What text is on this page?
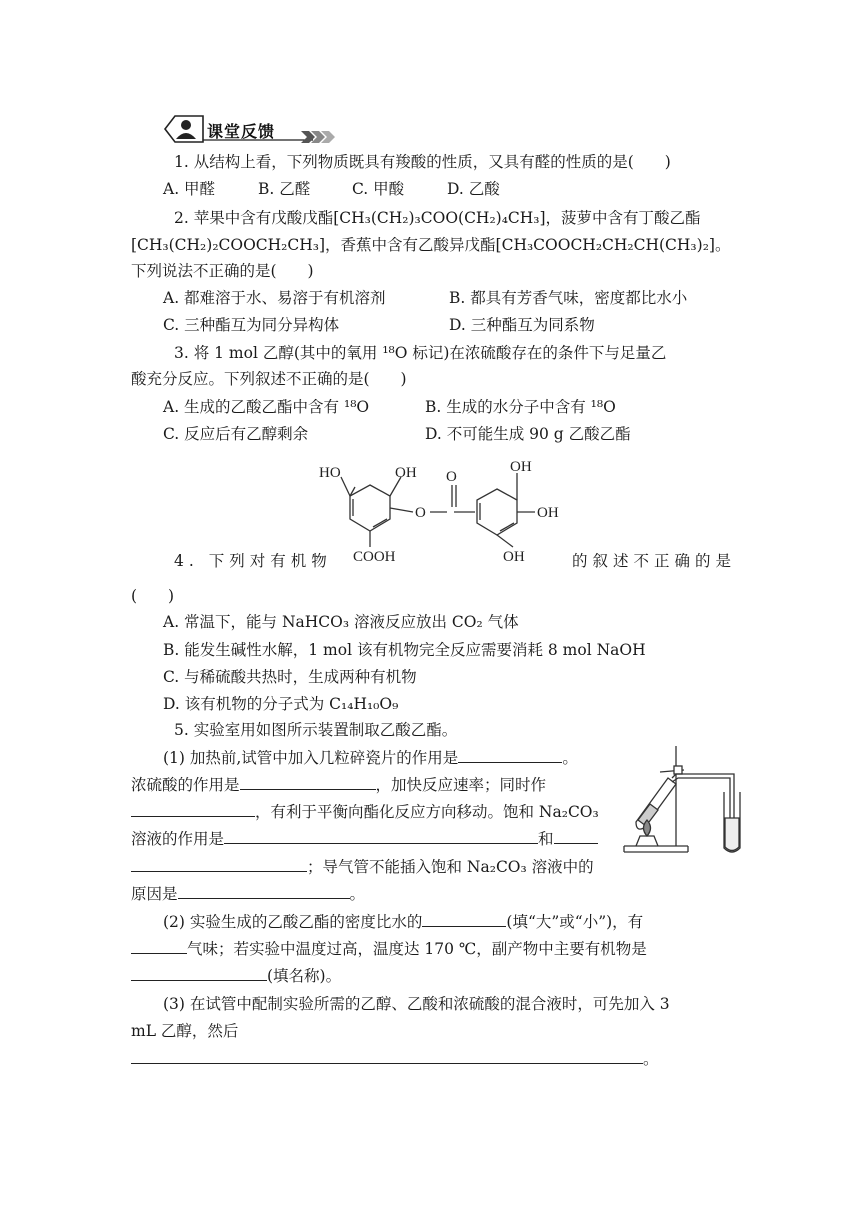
课堂反馈
1. 从结构上看，下列物质既具有羧酸的性质，又具有醛的性质的是(　　)
A. 甲醛	B. 乙醛	C. 甲酸	D. 乙酸
2. 苹果中含有戊酸戊酯[CH₃(CH₂)₃COO(CH₂)₄CH₃]，菠萝中含有丁酸乙酯
[CH₃(CH₂)₂COOCH₂CH₃]，香蕉中含有乙酸异戊酯[CH₃COOCH₂CH₂CH(CH₃)₂]。
下列说法不正确的是(　　)
A. 都难溶于水、易溶于有机溶剂	B. 都具有芳香气味，密度都比水小
C. 三种酯互为同分异构体	D. 三种酯互为同系物
3. 将 1 mol 乙醇(其中的氧用 ¹⁸O 标记)在浓硫酸存在的条件下与足量乙
酸充分反应。下列叙述不正确的是(　　)
A. 生成的乙酸乙酯中含有 ¹⁸O	B. 生成的水分子中含有 ¹⁸O
C. 反应后有乙醇剩余	D. 不可能生成 90 g 乙酸乙酯
HO	OH O
OH
O	OH
COOH	OH
4. 下列对有机物	的叙述不正确的是
(　　)
A. 常温下，能与 NaHCO₃ 溶液反应放出 CO₂ 气体
B. 能发生碱性水解，1 mol 该有机物完全反应需要消耗 8 mol NaOH
C. 与稀硫酸共热时，生成两种有机物
D. 该有机物的分子式为 C₁₄H₁₀O₉
5. 实验室用如图所示装置制取乙酸乙酯。
(1) 加热前,试管中加入几粒碎瓷片的作用是	。
浓硫酸的作用是	，加快反应速率；同时作
，有利于平衡向酯化反应方向移动。饱和 Na₂CO₃
溶液的作用是	和
；导气管不能插入饱和 Na₂CO₃ 溶液中的
原因是	。
(2) 实验生成的乙酸乙酯的密度比水的	(填“大”或“小”)，有
气味；若实验中温度过高，温度达 170 ℃，副产物中主要有机物是
(填名称)。
(3) 在试管中配制实验所需的乙醇、乙酸和浓硫酸的混合液时，可先加入 3
mL 乙醇，然后
。
